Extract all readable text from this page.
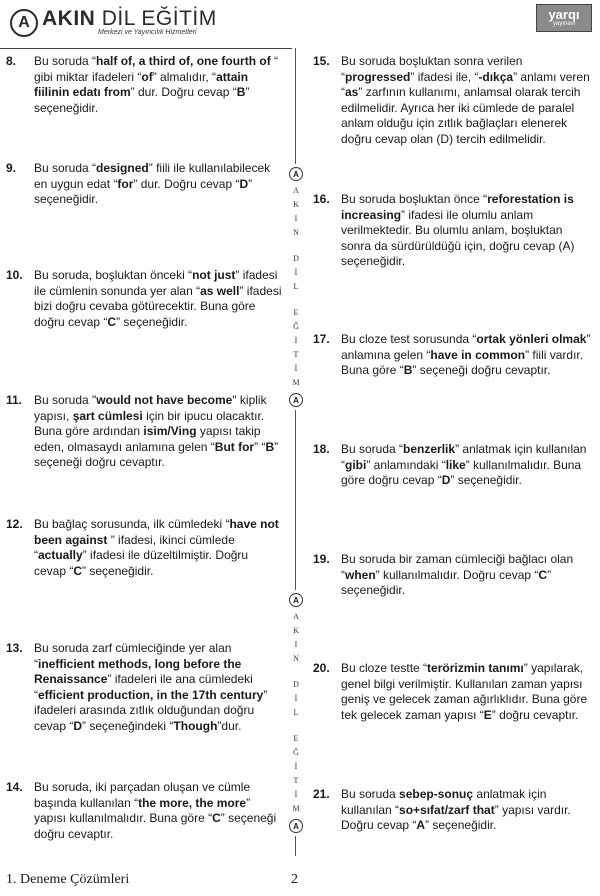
A AKIN DİL EĞİTİM
Merkezi ve Yayıncılık Hizmetleri
yarqı
yayınevi
A
A
K
I
N
D
İ
L
E
Ğ
İ
T
İ
M
A
A
A
K
I
N
D
İ
L
E
Ğ
İ
T
İ
M
A
8. Bu soruda “half of, a third of, one fourth of “
gibi miktar ifadeleri “of” almalıdır, “attain
fiilinin edatı from” dur. Doğru cevap “B”
seçeneğidir.
9. Bu soruda “designed” fiili ile kullanılabilecek
en uygun edat “for” dur. Doğru cevap “D”
seçeneğidir.
10. Bu soruda, boşluktan önceki “not just” ifadesi
ile cümlenin sonunda yer alan “as well” ifadesi
bizi doğru cevaba götürecektir. Buna göre
doğru cevap “C” seçeneğidir.
11. Bu soruda "would not have become" kiplik
yapısı, şart cümlesi için bir ipucu olacaktır.
Buna göre ardından isim/Ving yapısı takip
eden, olmasaydı anlamına gelen “But for” “B”
seçeneği doğru cevaptır.
12. Bu bağlaç sorusunda, ilk cümledeki “have not
been against ” ifadesi, ikinci cümlede
“actually” ifadesi ile düzeltilmiştir. Doğru
cevap “C” seçeneğidir.
13. Bu soruda zarf cümleciğinde yer alan
“inefficient methods, long before the
Renaissance” ifadeleri ile ana cümledeki
“efficient production, in the 17th century”
ifadeleri arasında zıtlık olduğundan doğru
cevap “D” seçeneğindeki “Though”dur.
14. Bu soruda, iki parçadan oluşan ve cümle
başında kullanılan “the more, the more”
yapısı kullanılmalıdır. Buna göre “C” seçeneği
doğru cevaptır.
15. Bu soruda boşluktan sonra verilen
“progressed” ifadesi ile, “-dıkça” anlamı veren
“as” zarfının kullanımı, anlamsal olarak tercih
edilmelidir. Ayrıca her iki cümlede de paralel
anlam olduğu için zıtlık bağlaçları elenerek
doğru cevap olan (D) tercih edilmelidir.
16. Bu soruda boşluktan önce “reforestation is
increasing” ifadesi ile olumlu anlam
verilmektedir. Bu olumlu anlam, boşluktan
sonra da sürdürüldüğü için, doğru cevap (A)
seçeneğidir.
17. Bu cloze test sorusunda “ortak yönleri olmak”
anlamına gelen “have in common” fiili vardır.
Buna göre “B” seçeneği doğru cevaptır.
18. Bu soruda “benzerlik” anlatmak için kullanılan
“gibi” anlamındaki “like” kullanılmalıdır. Buna
göre doğru cevap “D” seçeneğidir.
19. Bu soruda bir zaman cümleciği bağlacı olan
“when” kullanılmalıdır. Doğru cevap “C”
seçeneğidir.
20. Bu cloze testte “terörizmin tanımı” yapılarak,
genel bilgi verilmiştir. Kullanılan zaman yapısı
geniş ve gelecek zaman ağırlıklıdır. Buna göre
tek gelecek zaman yapısı “E” doğru cevaptır.
21. Bu soruda sebep-sonuç anlatmak için
kullanılan “so+sıfat/zarf that” yapısı vardır.
Doğru cevap “A” seçeneğidir.
1. Deneme Çözümleri	2
